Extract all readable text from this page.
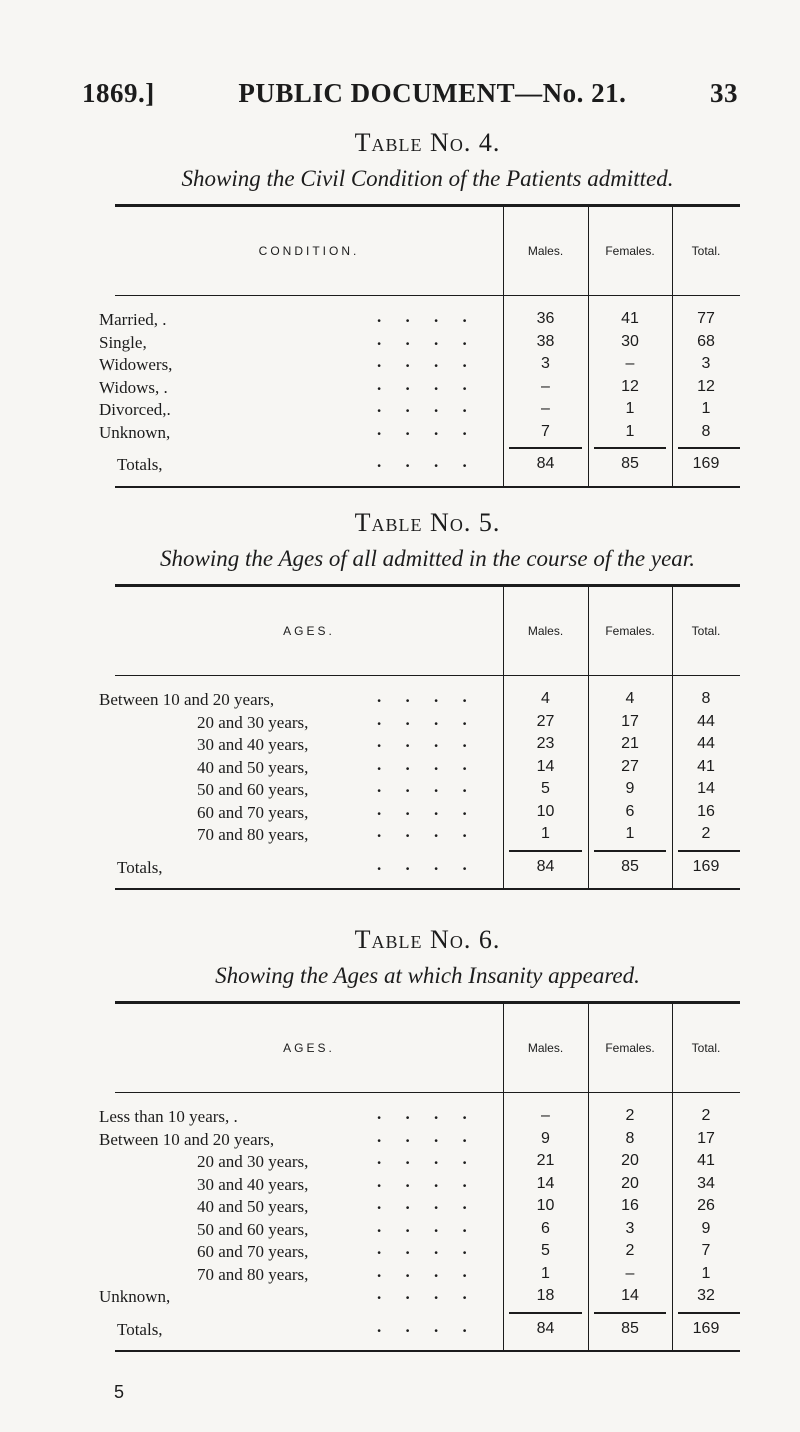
1869.]	PUBLIC DOCUMENT—No. 21.	33
Table No. 4.
Showing the Civil Condition of the Patients admitted.
CONDITION.	Males.	Females.	Total.
Married, .	. . . .	36	41	77
Single,	. . . .	38	30	68
Widowers,	. . . .	3	–	3
Widows, .	. . . .	–	12	12
Divorced,.	. . . .	–	1	1
Unknown,	. . . .	7	1	8
Totals,	. . . .	84	85	169
Table No. 5.
Showing the Ages of all admitted in the course of the year.
AGES.	Males.	Females.	Total.
Between 10 and 20 years,	. . . .	4	4	8
20 and 30 years,	. . . .	27	17	44
30 and 40 years,	. . . .	23	21	44
40 and 50 years,	. . . .	14	27	41
50 and 60 years,	. . . .	5	9	14
60 and 70 years,	. . . .	10	6	16
70 and 80 years,	. . . .	1	1	2
Totals,	. . . .	84	85	169
Table No. 6.
Showing the Ages at which Insanity appeared.
AGES.	Males.	Females.	Total.
Less than 10 years, .	. . . .	–	2	2
Between 10 and 20 years,	. . . .	9	8	17
20 and 30 years,	. . . .	21	20	41
30 and 40 years,	. . . .	14	20	34
40 and 50 years,	. . . .	10	16	26
50 and 60 years,	. . . .	6	3	9
60 and 70 years,	. . . .	5	2	7
70 and 80 years,	. . . .	1	–	1
Unknown,	. . . .	18	14	32
Totals,	. . . .	84	85	169
5
